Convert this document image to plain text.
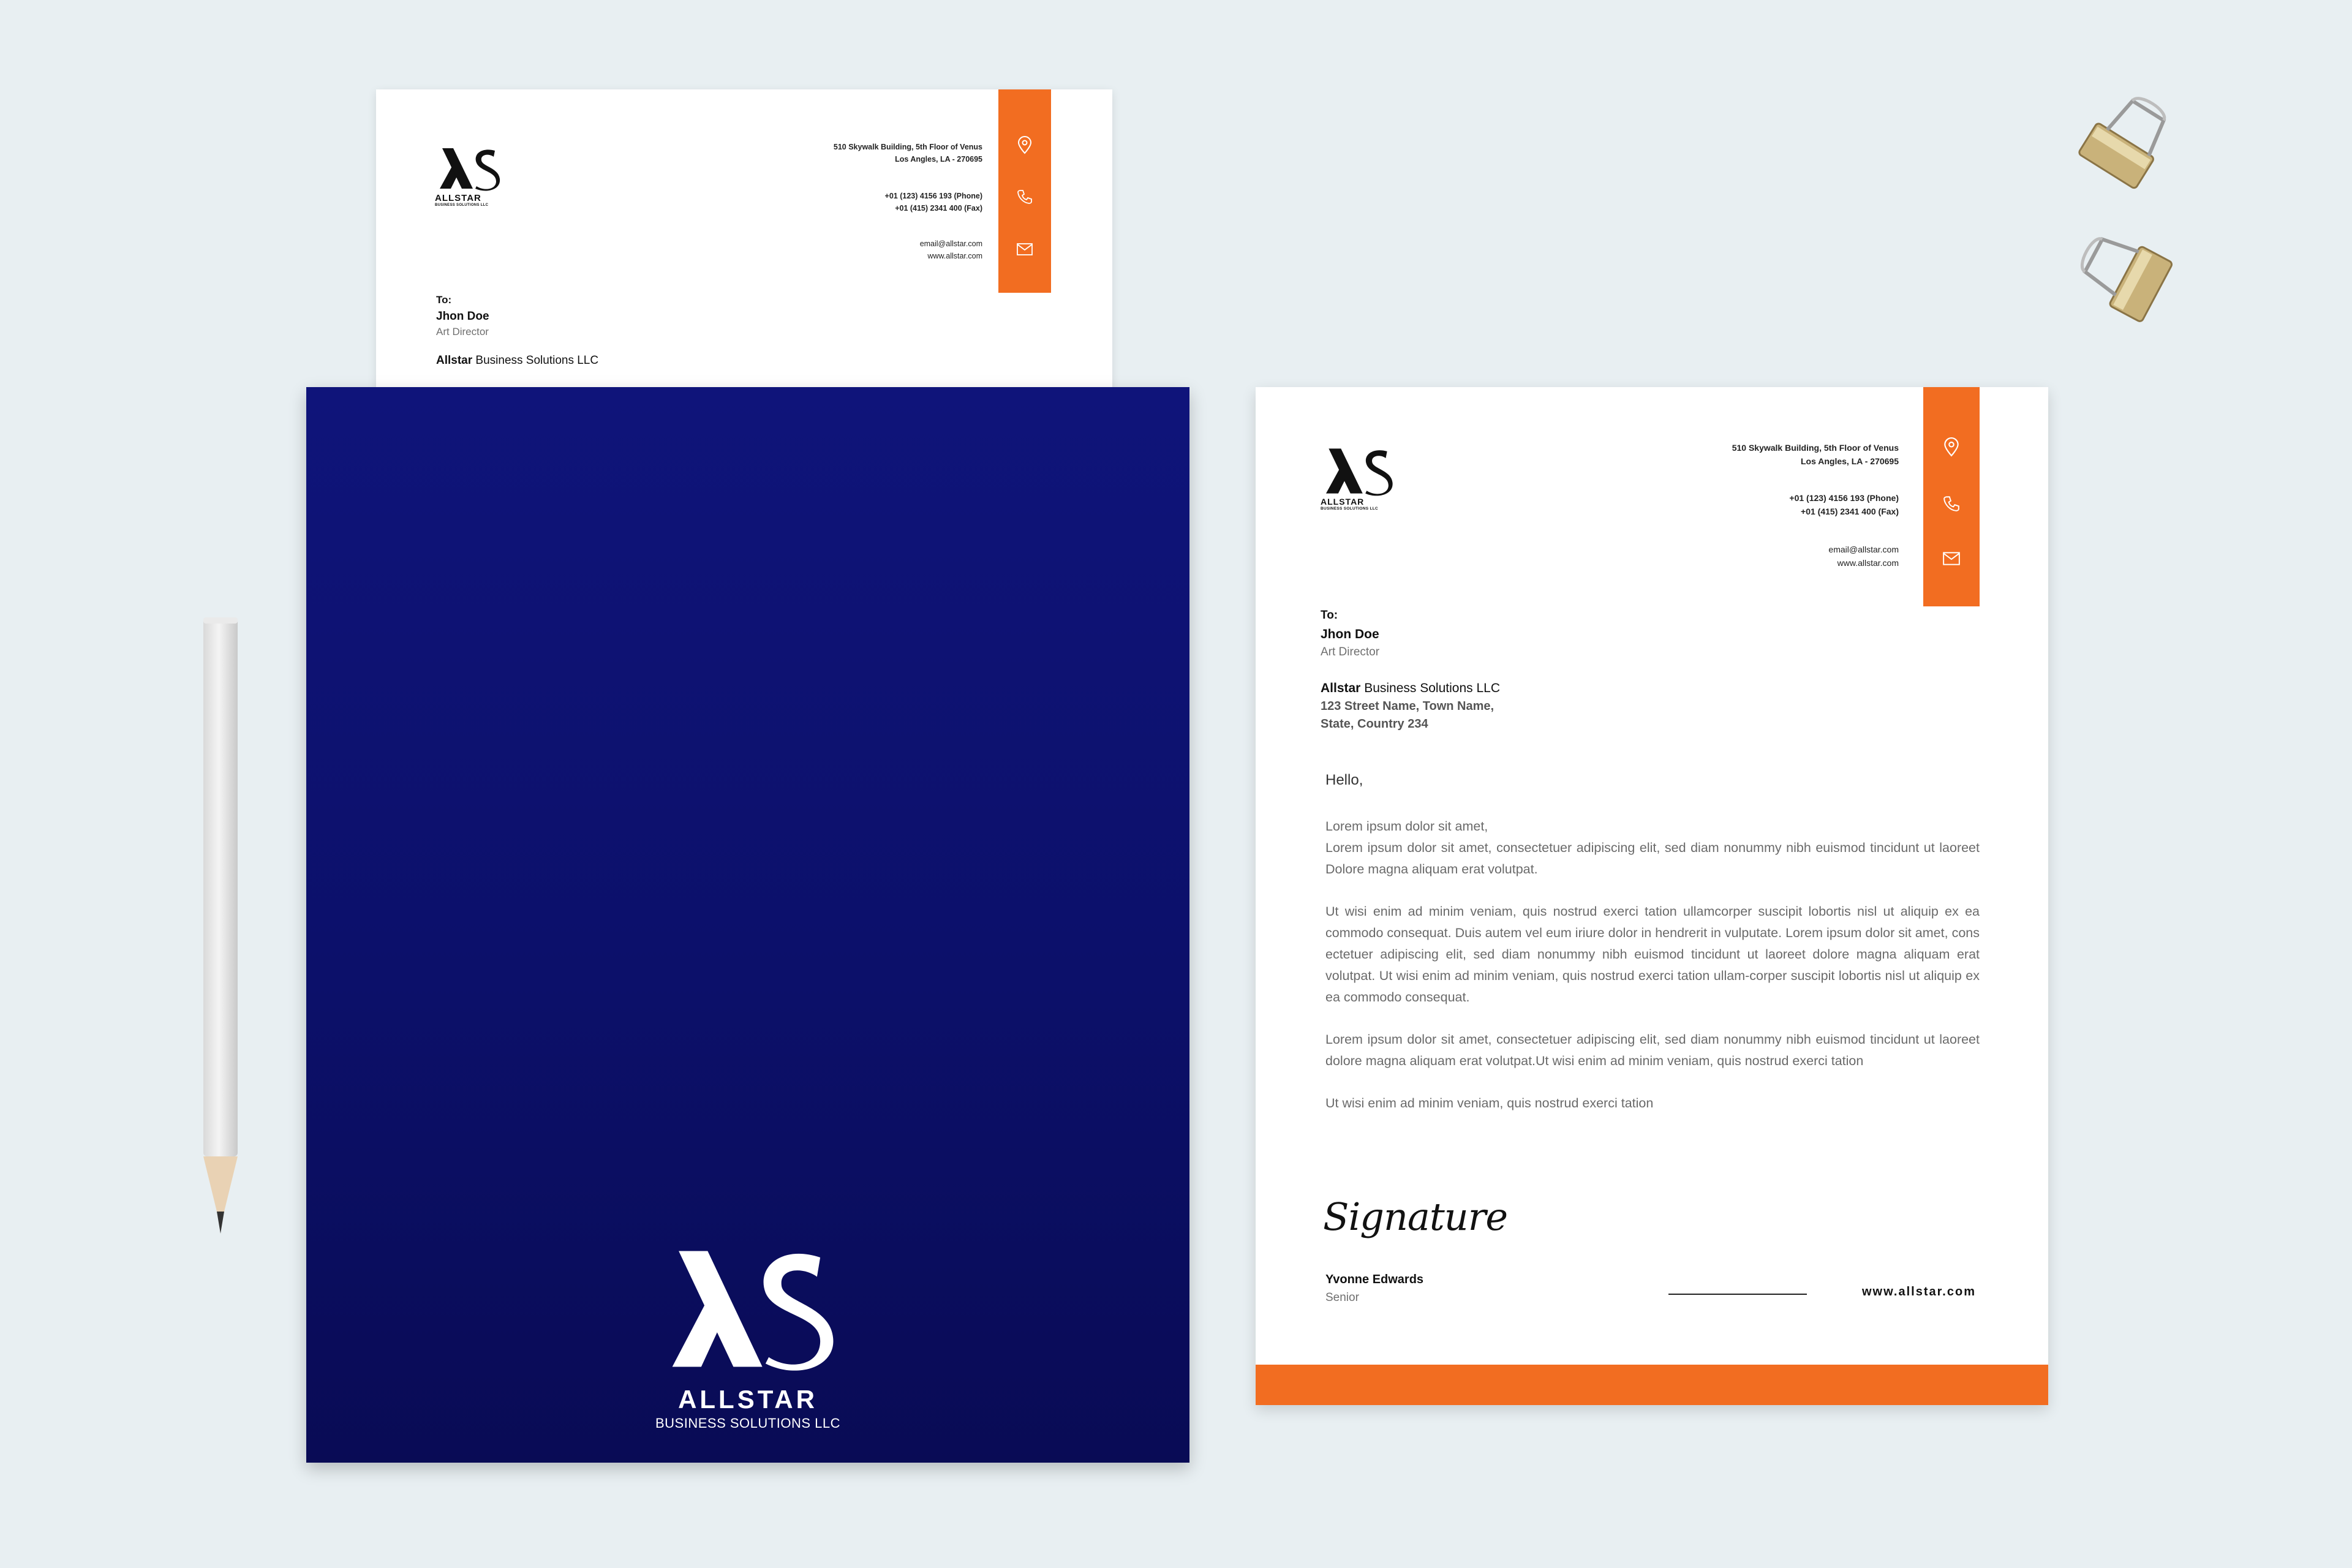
ALLSTAR
BUSINESS SOLUTIONS LLC
510 Skywalk Building, 5th Floor of Venus
Los Angles, LA - 270695
+01 (123) 4156 193 (Phone)
+01 (415) 2341 400 (Fax)
email@allstar.com
www.allstar.com
To:
Jhon Doe
Art Director
Allstar Business Solutions LLC
ALLSTAR
BUSINESS SOLUTIONS LLC
ALLSTAR
BUSINESS SOLUTIONS LLC
510 Skywalk Building, 5th Floor of Venus
Los Angles, LA - 270695
+01 (123) 4156 193 (Phone)
+01 (415) 2341 400 (Fax)
email@allstar.com
www.allstar.com
To:
Jhon Doe
Art Director
Allstar Business Solutions LLC
123 Street Name, Town Name,
State, Country 234
Hello,

Lorem ipsum dolor sit amet,
Lorem ipsum dolor sit amet, consectetuer adipiscing elit, sed diam nonummy nibh euismod tincidunt ut laoreet Dolore magna aliquam erat volutpat.

Ut wisi enim ad minim veniam, quis nostrud exerci tation ullamcorper suscipit lobortis nisl ut aliquip ex ea commodo consequat. Duis autem vel eum iriure dolor in hendrerit in vulputate. Lorem ipsum dolor sit amet, cons ectetuer adipiscing elit, sed diam nonummy nibh euismod tincidunt ut laoreet dolore magna aliquam erat volutpat. Ut wisi enim ad minim veniam, quis nostrud exerci tation ullam-corper suscipit lobortis nisl ut aliquip ex ea commodo consequat.

Lorem ipsum dolor sit amet, consectetuer adipiscing elit, sed diam nonummy nibh euismod tincidunt ut laoreet dolore magna aliquam erat volutpat.Ut wisi enim ad minim veniam, quis nostrud exerci tation

Ut wisi enim ad minim veniam, quis nostrud exerci tation

Signature
Yvonne Edwards
Senior	www.allstar.com
